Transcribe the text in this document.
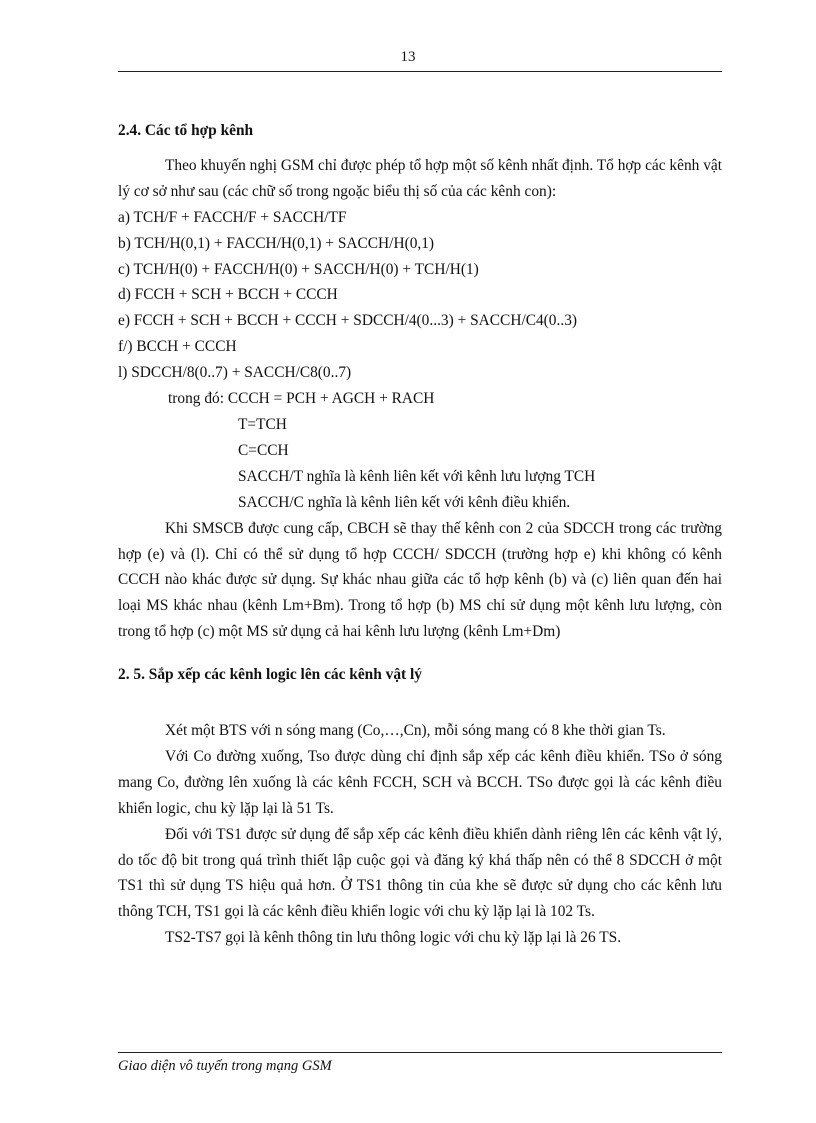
13
2.4. Các tổ hợp kênh

Theo khuyến nghị GSM chỉ được phép tổ hợp một số kênh nhất định. Tổ hợp các kênh vật lý cơ sở như sau (các chữ số trong ngoặc biểu thị số của các kênh con):

a) TCH/F + FACCH/F + SACCH/TF
b) TCH/H(0,1) + FACCH/H(0,1) + SACCH/H(0,1)
c) TCH/H(0) + FACCH/H(0) + SACCH/H(0) + TCH/H(1)
d) FCCH + SCH + BCCH + CCCH
e) FCCH + SCH + BCCH + CCCH + SDCCH/4(0...3) + SACCH/C4(0..3)
f/) BCCH + CCCH
l) SDCCH/8(0..7) + SACCH/C8(0..7)
trong đó: CCCH = PCH + AGCH + RACH
T=TCH
C=CCH
SACCH/T nghĩa là kênh liên kết với kênh lưu lượng TCH
SACCH/C nghĩa là kênh liên kết với kênh điều khiển.

Khi SMSCB được cung cấp, CBCH sẽ thay thế kênh con 2 của SDCCH trong các trường hợp (e) và (l). Chỉ có thể sử dụng tổ hợp CCCH/ SDCCH (trường hợp e) khi không có kênh CCCH nào khác được sử dụng. Sự khác nhau giữa các tổ hợp kênh (b) và (c) liên quan đến hai loại MS khác nhau (kênh Lm+Bm). Trong tổ hợp (b) MS chỉ sử dụng một kênh lưu lượng, còn trong tổ hợp (c) một MS sử dụng cả hai kênh lưu lượng (kênh Lm+Dm)

2. 5. Sắp xếp các kênh logic lên các kênh vật lý

Xét một BTS với n sóng mang (Co,…,Cn), mỗi sóng mang có 8 khe thời gian Ts.

Với Co đường xuống, Tso được dùng chỉ định sắp xếp các kênh điều khiển. TSo ở sóng mang Co, đường lên xuống là các kênh FCCH, SCH và BCCH. TSo được gọi là các kênh điều khiển logic, chu kỳ lặp lại là 51 Ts.

Đối với TS1 được sử dụng để sắp xếp các kênh điều khiển dành riêng lên các kênh vật lý, do tốc độ bit trong quá trình thiết lập cuộc gọi và đăng ký khá thấp nên có thể 8 SDCCH ở một TS1 thì sử dụng TS hiệu quả hơn. Ở TS1 thông tin của khe sẽ được sử dụng cho các kênh lưu thông TCH, TS1 gọi là các kênh điều khiển logic với chu kỳ lặp lại là 102 Ts.

TS2-TS7 gọi là kênh thông tin lưu thông logic với chu kỳ lặp lại là 26 TS.

Giao diện vô tuyến trong mạng GSM
